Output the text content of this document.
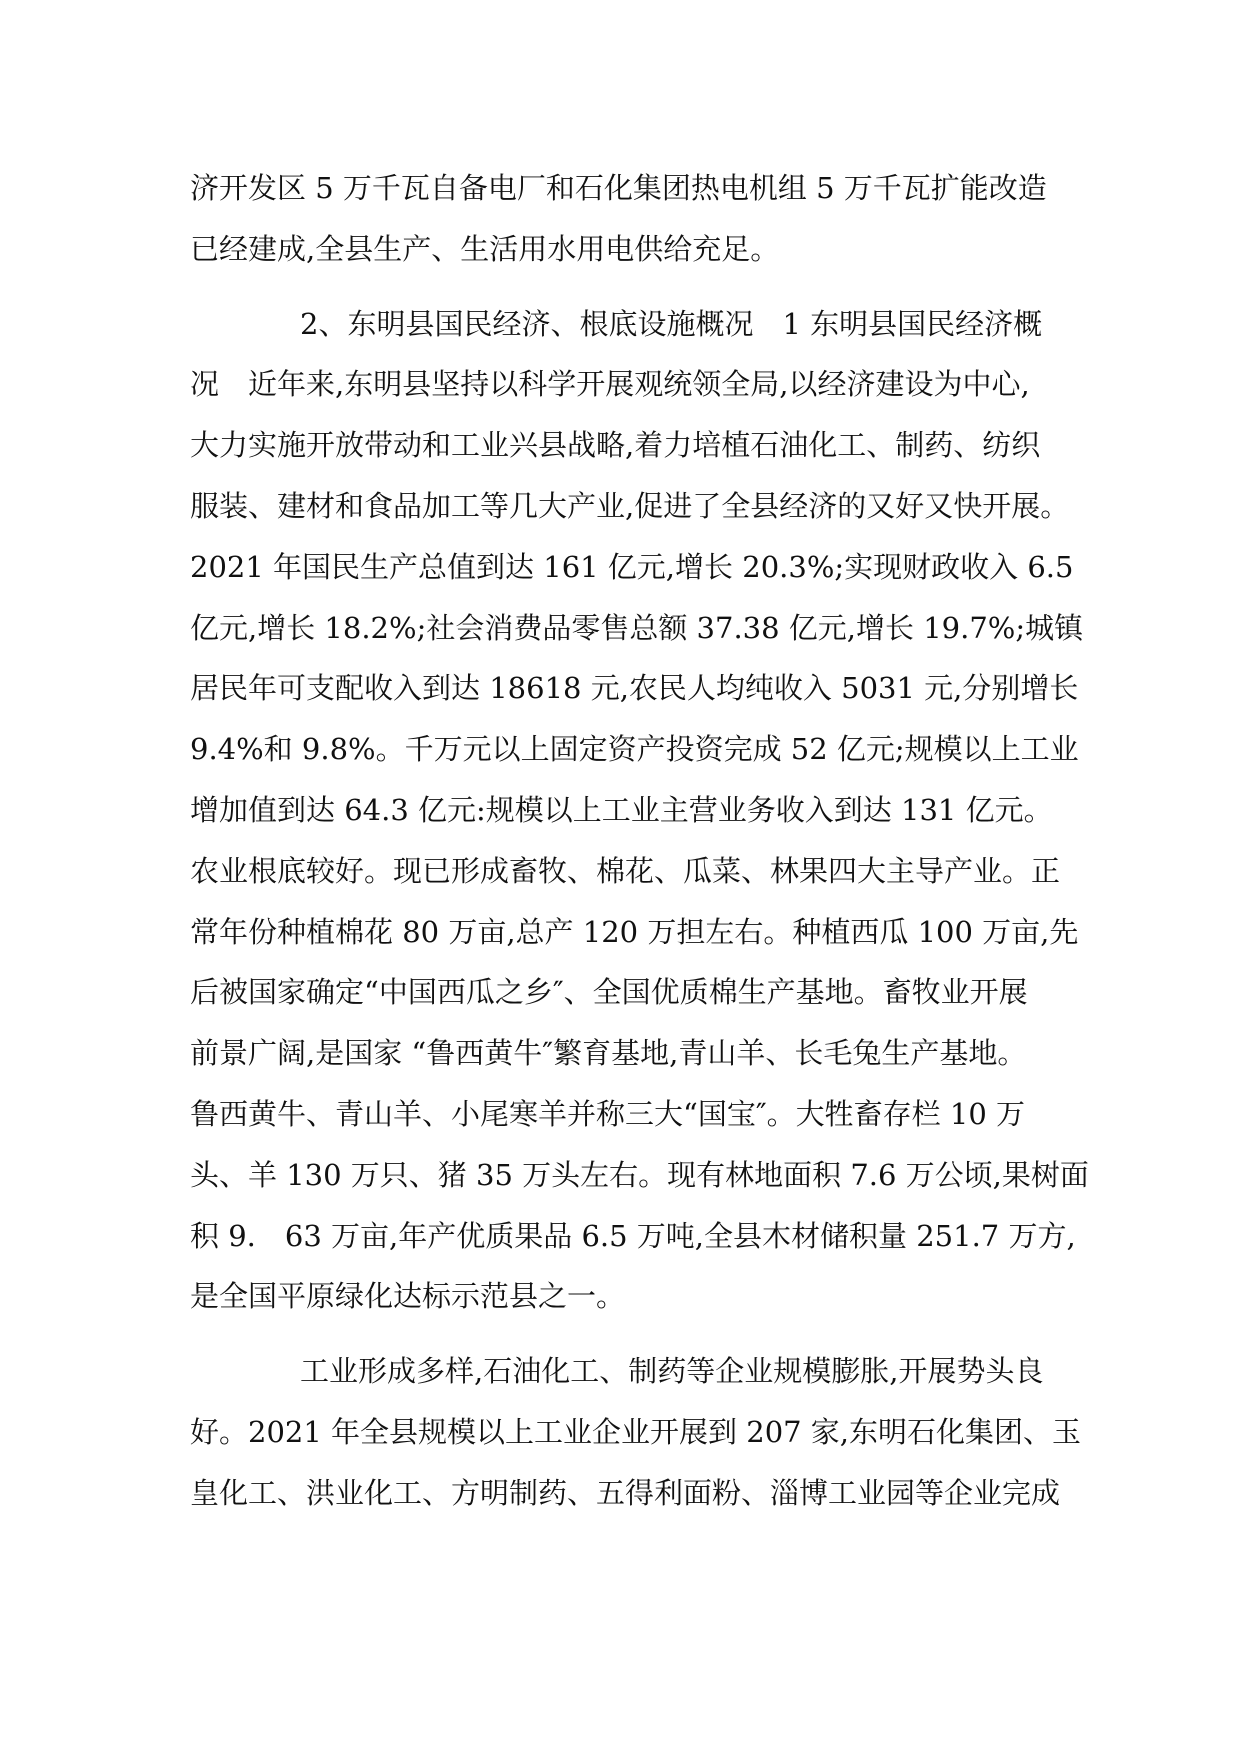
济开发区 5 万千瓦自备电厂和石化集团热电机组 5 万千瓦扩能改造
已经建成,全县生产、生活用水用电供给充足。
2、东明县国民经济、根底设施概况　1 东明县国民经济概
况　近年来,东明县坚持以科学开展观统领全局,以经济建设为中心,
大力实施开放带动和工业兴县战略,着力培植石油化工、制药、纺织
服装、建材和食品加工等几大产业,促进了全县经济的又好又快开展。
2021 年国民生产总值到达 161 亿元,增长 20.3%;实现财政收入 6.5
亿元,增长 18.2%;社会消费品零售总额 37.38 亿元,增长 19.7%;城镇
居民年可支配收入到达 18618 元,农民人均纯收入 5031 元,分别增长
9.4%和 9.8%。千万元以上固定资产投资完成 52 亿元;规模以上工业
增加值到达 64.3 亿元:规模以上工业主营业务收入到达 131 亿元。
农业根底较好。现已形成畜牧、棉花、瓜菜、林果四大主导产业。正
常年份种植棉花 80 万亩,总产 120 万担左右。种植西瓜 100 万亩,先
后被国家确定“中国西瓜之乡″、全国优质棉生产基地。畜牧业开展
前景广阔,是国家 “鲁西黄牛″繁育基地,青山羊、长毛兔生产基地。
鲁西黄牛、青山羊、小尾寒羊并称三大“国宝″。大牲畜存栏 10 万
头、羊 130 万只、猪 35 万头左右。现有林地面积 7.6 万公顷,果树面
积 9.　63 万亩,年产优质果品 6.5 万吨,全县木材储积量 251.7 万方,
是全国平原绿化达标示范县之一。
工业形成多样,石油化工、制药等企业规模膨胀,开展势头良
好。2021 年全县规模以上工业企业开展到 207 家,东明石化集团、玉
皇化工、洪业化工、方明制药、五得利面粉、淄博工业园等企业完成
